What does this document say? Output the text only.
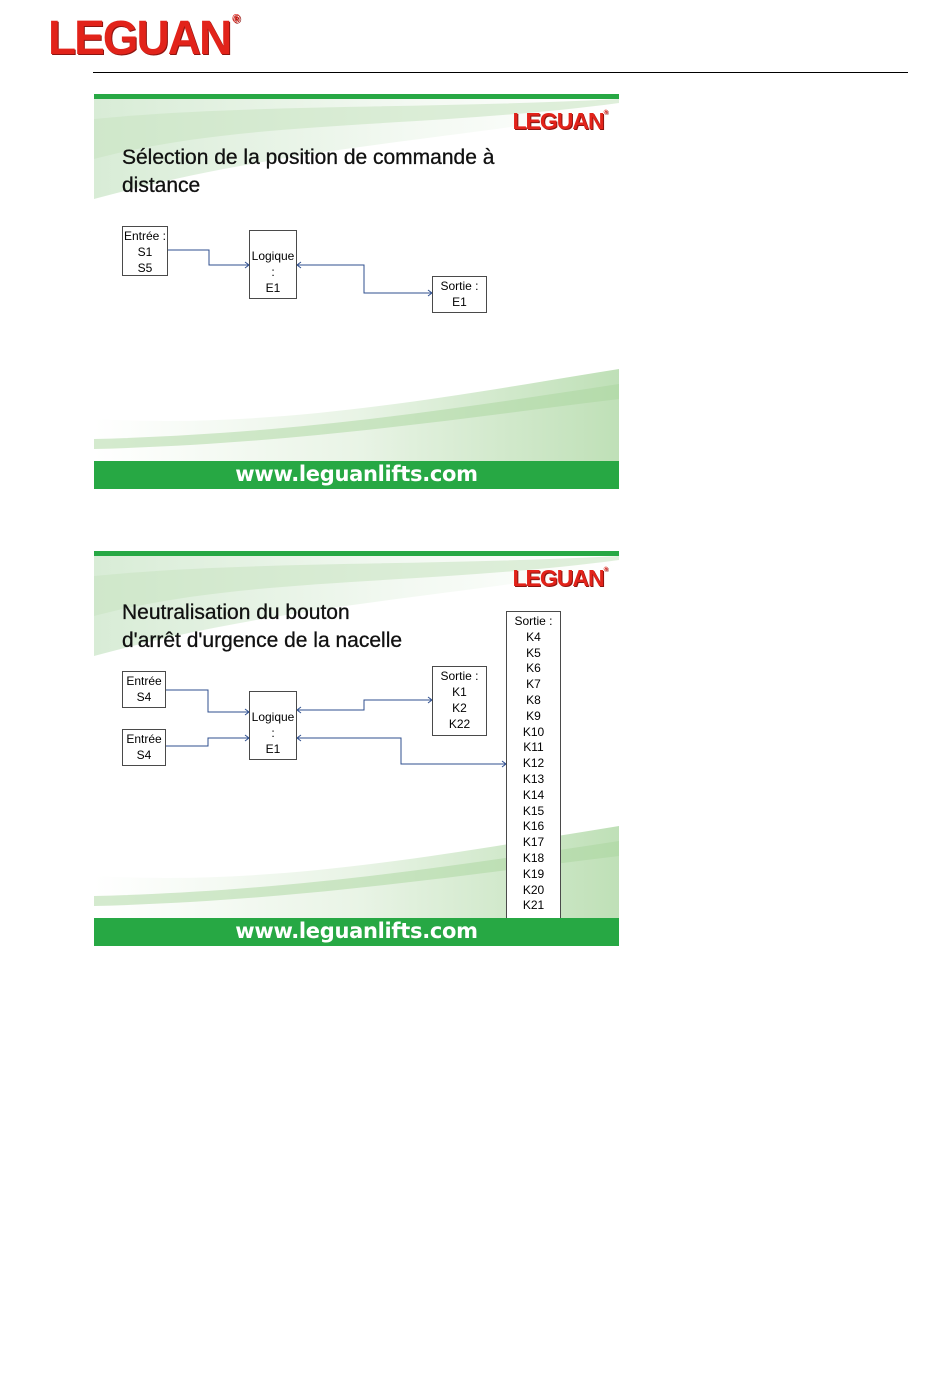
LEGUAN ®
LEGUAN®
Sélection de la position de commande à
distance
Entrée :
S1
S5
Logique :
E1	Sortie :
E1
www.leguanlifts.com
LEGUAN®
Neutralisation du bouton
d'arrêt d'urgence de la nacelle
Entrée
S4
Entrée
S4
Logique :
E1
Sortie :
K1
K2
K22
Sortie :
K4
K5
K6
K7
K8
K9
K10
K11
K12
K13
K14
K15
K16
K17
K18
K19
K20
K21
www.leguanlifts.com
